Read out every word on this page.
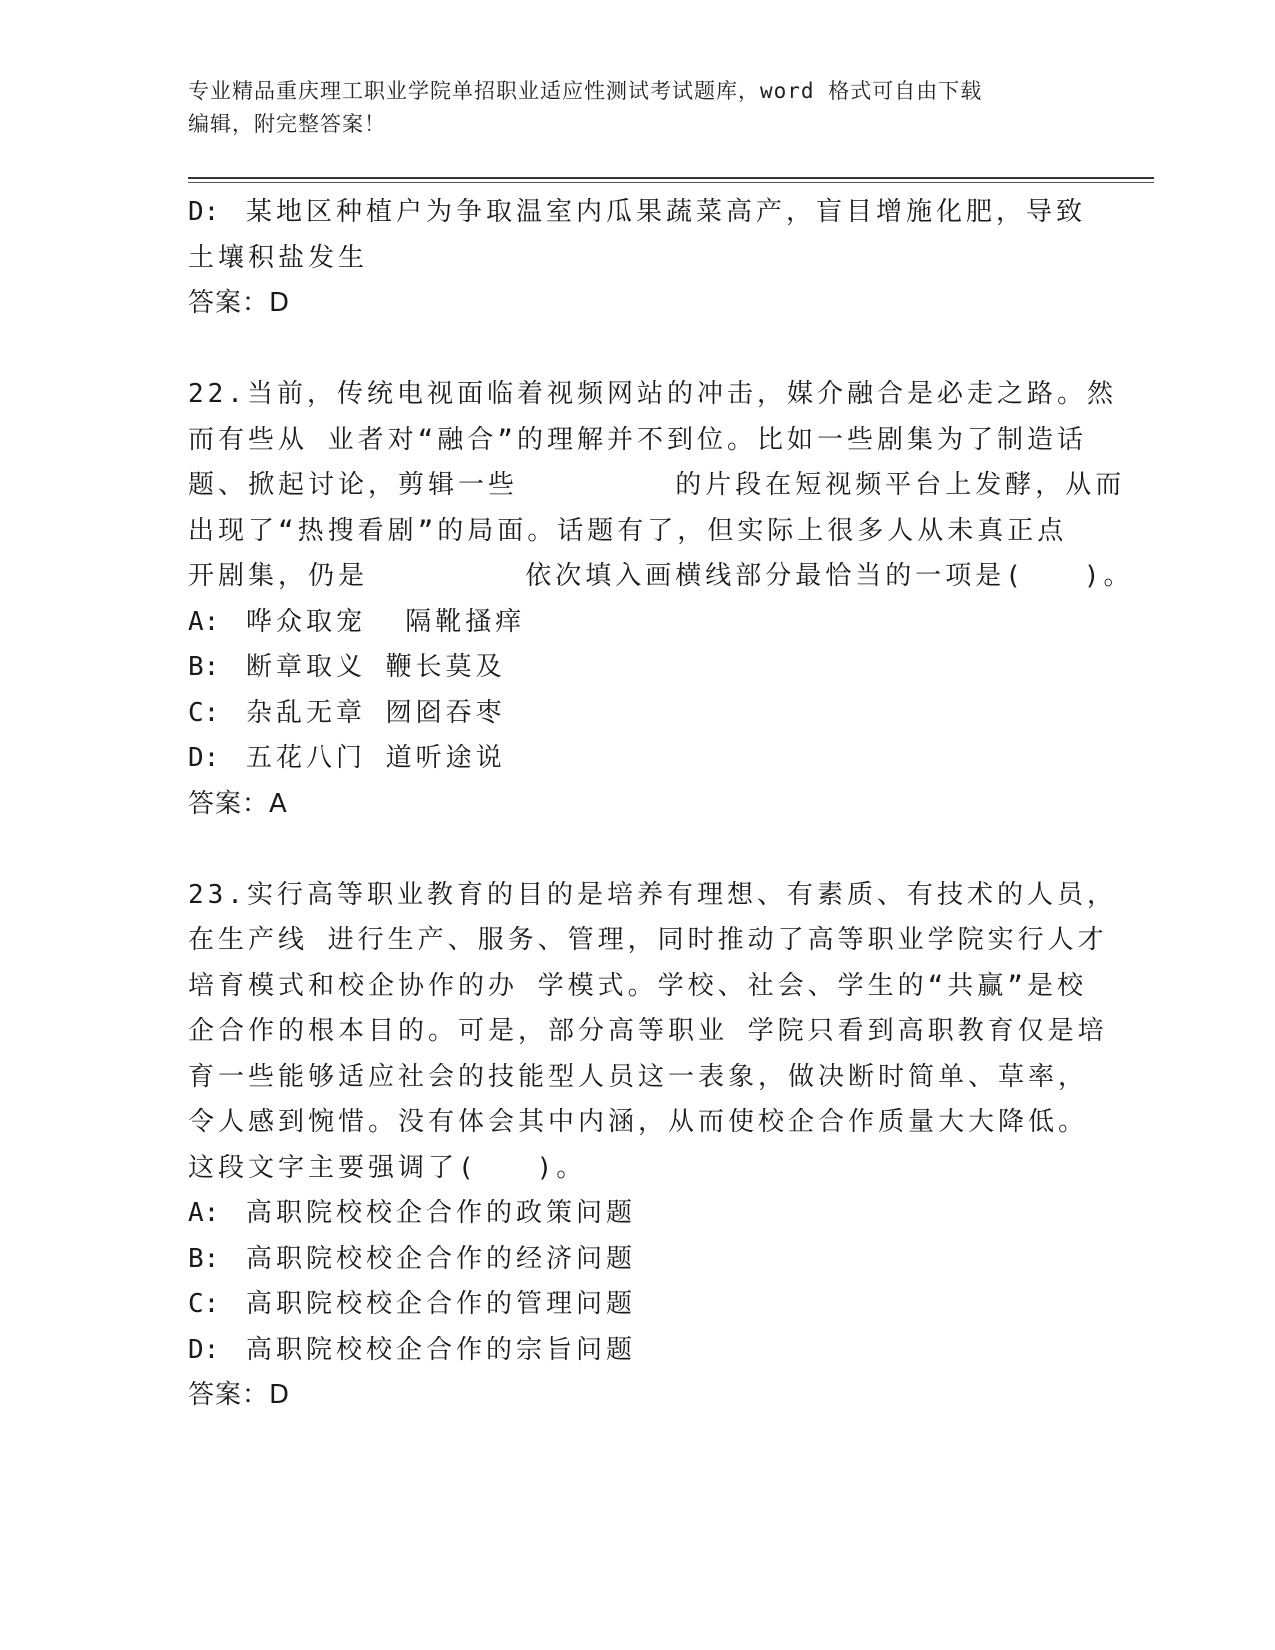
专业精品重庆理工职业学院单招职业适应性测试考试题库，word 格式可自由下载
编辑，附完整答案！
D: 某地区种植户为争取温室内瓜果蔬菜高产，盲目增施化肥，导致
土壤积盐发生
答案：D
22.当前，传统电视面临着视频网站的冲击，媒介融合是必走之路。然
而有些从 业者对“融合”的理解并不到位。比如一些剧集为了制造话
题、掀起讨论，剪辑一些        的片段在短视频平台上发酵，从而
出现了“热搜看剧”的局面。话题有了，但实际上很多人从未真正点
开剧集，仍是        依次填入画横线部分最恰当的一项是(   )。
A: 哗众取宠  隔靴搔痒
B: 断章取义 鞭长莫及
C: 杂乱无章 囫囵吞枣
D: 五花八门 道听途说
答案：A
23.实行高等职业教育的目的是培养有理想、有素质、有技术的人员，
在生产线 进行生产、服务、管理，同时推动了高等职业学院实行人才
培育模式和校企协作的办 学模式。学校、社会、学生的“共赢”是校
企合作的根本目的。可是，部分高等职业 学院只看到高职教育仅是培
育一些能够适应社会的技能型人员这一表象，做决断时简单、草率，
令人感到惋惜。没有体会其中内涵，从而使校企合作质量大大降低。
这段文字主要强调了(   )。
A: 高职院校校企合作的政策问题
B: 高职院校校企合作的经济问题
C: 高职院校校企合作的管理问题
D: 高职院校校企合作的宗旨问题
答案：D
